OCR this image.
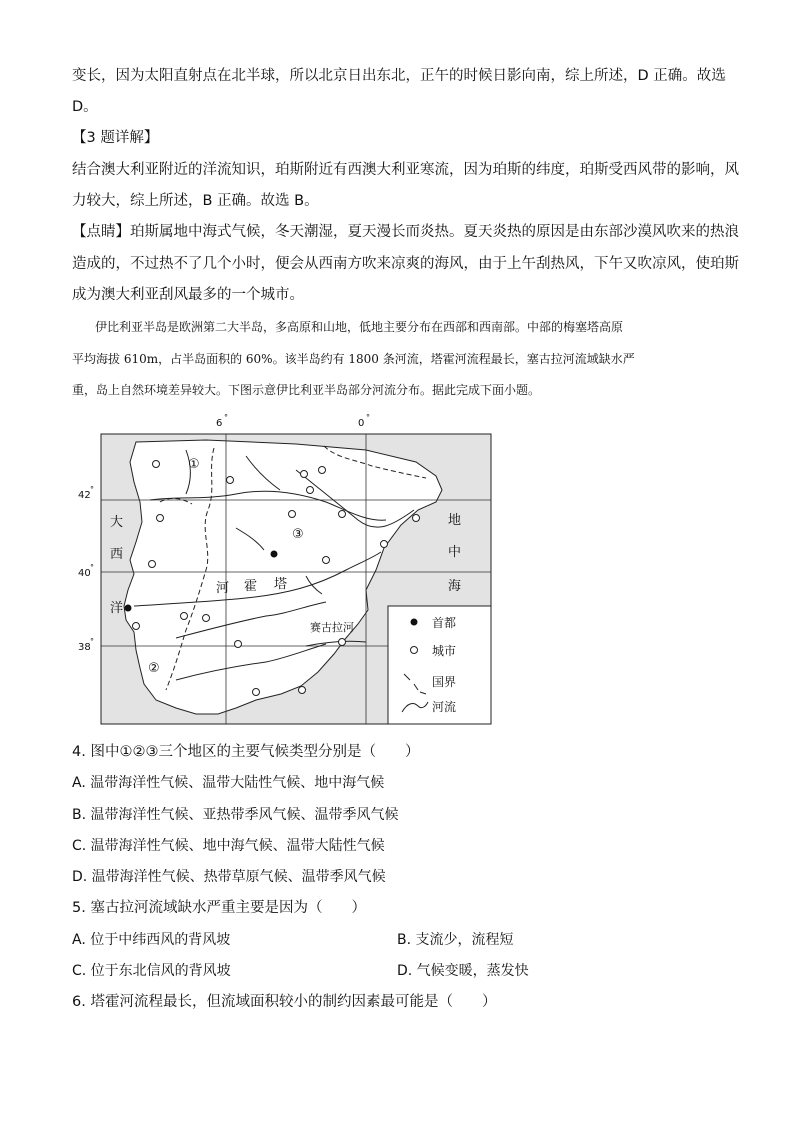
变长，因为太阳直射点在北半球，所以北京日出东北，正午的时候日影向南，综上所述，D 正确。故选
D。
【3 题详解】
结合澳大利亚附近的洋流知识，珀斯附近有西澳大利亚寒流，因为珀斯的纬度，珀斯受西风带的影响，风
力较大，综上所述，B 正确。故选 B。
【点睛】珀斯属地中海式气候，冬天潮湿，夏天漫长而炎热。夏天炎热的原因是由东部沙漠风吹来的热浪
造成的，不过热不了几个小时，便会从西南方吹来凉爽的海风，由于上午刮热风，下午又吹凉风，使珀斯
成为澳大利亚刮风最多的一个城市。
伊比利亚半岛是欧洲第二大半岛，多高原和山地，低地主要分布在西部和西南部。中部的梅塞塔高原
平均海拔 610m，占半岛面积的 60%。该半岛约有 1800 条河流，塔霍河流程最长，塞古拉河流域缺水严
重，岛上自然环境差异较大。下图示意伊比利亚半岛部分河流分布。据此完成下面小题。
6
°
0
°
42
°
40
°
38
°
①
②
③
大
西
洋
地
中
海
河 霍 塔
赛古拉河	首都
城市
国界
河流
4. 图中①②③三个地区的主要气候类型分别是（　　）
A. 温带海洋性气候、温带大陆性气候、地中海气候
B. 温带海洋性气候、亚热带季风气候、温带季风气候
C. 温带海洋性气候、地中海气候、温带大陆性气候
D. 温带海洋性气候、热带草原气候、温带季风气候
5. 塞古拉河流域缺水严重主要是因为（　　）
A. 位于中纬西风的背风坡	B. 支流少，流程短
C. 位于东北信风的背风坡	D. 气候变暖，蒸发快
6. 塔霍河流程最长，但流域面积较小的制约因素最可能是（　　）
